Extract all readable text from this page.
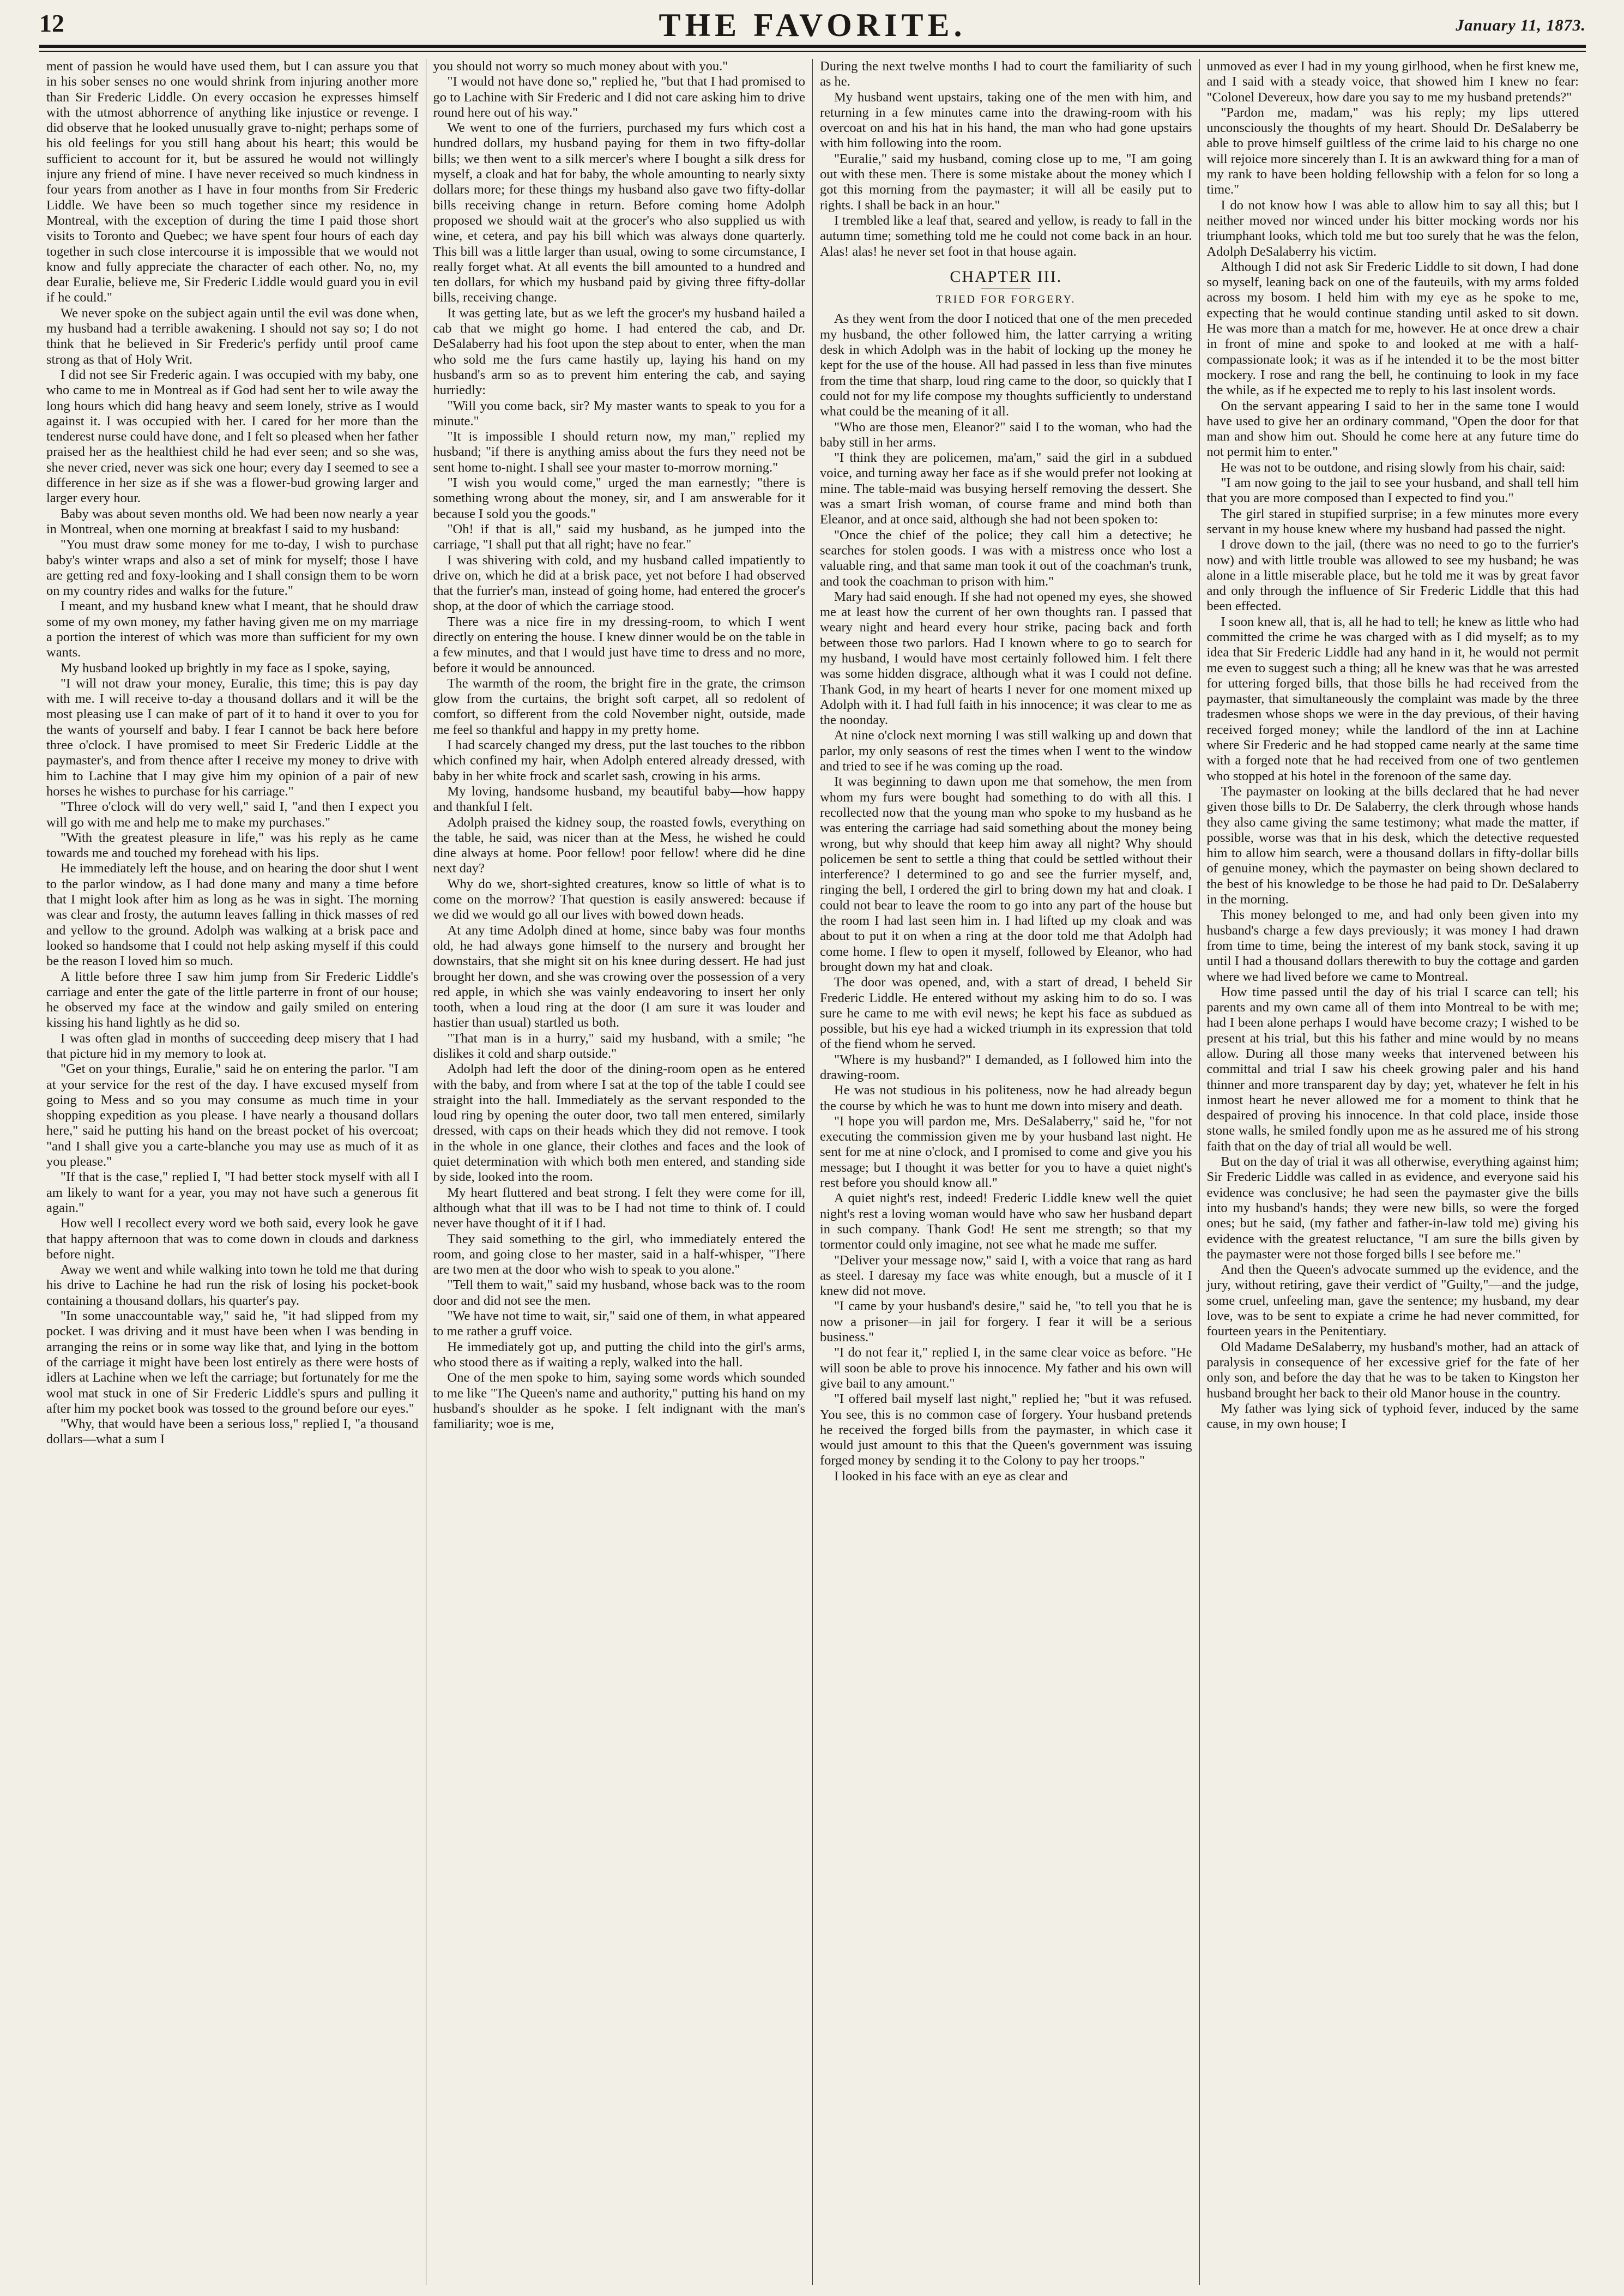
12	THE FAVORITE.	January 11, 1873.

ment of passion he would have used them, but I can assure you that in his sober senses no one would shrink from injuring another more than Sir Frederic Liddle. On every occasion he expresses himself with the utmost abhorrence of anything like injustice or revenge. I did observe that he looked unusually grave to-night; perhaps some of his old feelings for you still hang about his heart; this would be sufficient to account for it, but be assured he would not willingly injure any friend of mine. I have never received so much kindness in four years from another as I have in four months from Sir Frederic Liddle. We have been so much together since my residence in Montreal, with the exception of during the time I paid those short visits to Toronto and Quebec; we have spent four hours of each day together in such close intercourse it is impossible that we would not know and fully appreciate the character of each other. No, no, my dear Euralie, believe me, Sir Frederic Liddle would guard you in evil if he could."

We never spoke on the subject again until the evil was done when, my husband had a terrible awakening. I should not say so; I do not think that he believed in Sir Frederic's perfidy until proof came strong as that of Holy Writ.

I did not see Sir Frederic again. I was occupied with my baby, one who came to me in Montreal as if God had sent her to wile away the long hours which did hang heavy and seem lonely, strive as I would against it. I was occupied with her. I cared for her more than the tenderest nurse could have done, and I felt so pleased when her father praised her as the healthiest child he had ever seen; and so she was, she never cried, never was sick one hour; every day I seemed to see a difference in her size as if she was a flower-bud growing larger and larger every hour.

Baby was about seven months old. We had been now nearly a year in Montreal, when one morning at breakfast I said to my husband:

"You must draw some money for me to-day, I wish to purchase baby's winter wraps and also a set of mink for myself; those I have are getting red and foxy-looking and I shall consign them to be worn on my country rides and walks for the future."

I meant, and my husband knew what I meant, that he should draw some of my own money, my father having given me on my marriage a portion the interest of which was more than sufficient for my own wants.

My husband looked up brightly in my face as I spoke, saying,

"I will not draw your money, Euralie, this time; this is pay day with me. I will receive to-day a thousand dollars and it will be the most pleasing use I can make of part of it to hand it over to you for the wants of yourself and baby. I fear I cannot be back here before three o'clock. I have promised to meet Sir Frederic Liddle at the paymaster's, and from thence after I receive my money to drive with him to Lachine that I may give him my opinion of a pair of new horses he wishes to purchase for his carriage."

"Three o'clock will do very well," said I, "and then I expect you will go with me and help me to make my purchases."

"With the greatest pleasure in life," was his reply as he came towards me and touched my forehead with his lips.

He immediately left the house, and on hearing the door shut I went to the parlor window, as I had done many and many a time before that I might look after him as long as he was in sight. The morning was clear and frosty, the autumn leaves falling in thick masses of red and yellow to the ground. Adolph was walking at a brisk pace and looked so handsome that I could not help asking myself if this could be the reason I loved him so much.

A little before three I saw him jump from Sir Frederic Liddle's carriage and enter the gate of the little parterre in front of our house; he observed my face at the window and gaily smiled on entering kissing his hand lightly as he did so.

I was often glad in months of succeeding deep misery that I had that picture hid in my memory to look at.

"Get on your things, Euralie," said he on entering the parlor. "I am at your service for the rest of the day. I have excused myself from going to Mess and so you may consume as much time in your shopping expedition as you please. I have nearly a thousand dollars here," said he putting his hand on the breast pocket of his overcoat; "and I shall give you a carte-blanche you may use as much of it as you please."

"If that is the case," replied I, "I had better stock myself with all I am likely to want for a year, you may not have such a generous fit again."

How well I recollect every word we both said, every look he gave that happy afternoon that was to come down in clouds and darkness before night.

Away we went and while walking into town he told me that during his drive to Lachine he had run the risk of losing his pocket-book containing a thousand dollars, his quarter's pay.

"In some unaccountable way," said he, "it had slipped from my pocket. I was driving and it must have been when I was bending in arranging the reins or in some way like that, and lying in the bottom of the carriage it might have been lost entirely as there were hosts of idlers at Lachine when we left the carriage; but fortunately for me the wool mat stuck in one of Sir Frederic Liddle's spurs and pulling it after him my pocket book was tossed to the ground before our eyes."

"Why, that would have been a serious loss," replied I, "a thousand dollars—what a sum I

you should not worry so much money about with you."

"I would not have done so," replied he, "but that I had promised to go to Lachine with Sir Frederic and I did not care asking him to drive round here out of his way."

We went to one of the furriers, purchased my furs which cost a hundred dollars, my husband paying for them in two fifty-dollar bills; we then went to a silk mercer's where I bought a silk dress for myself, a cloak and hat for baby, the whole amounting to nearly sixty dollars more; for these things my husband also gave two fifty-dollar bills receiving change in return. Before coming home Adolph proposed we should wait at the grocer's who also supplied us with wine, et cetera, and pay his bill which was always done quarterly. This bill was a little larger than usual, owing to some circumstance, I really forget what. At all events the bill amounted to a hundred and ten dollars, for which my husband paid by giving three fifty-dollar bills, receiving change.

It was getting late, but as we left the grocer's my husband hailed a cab that we might go home. I had entered the cab, and Dr. DeSalaberry had his foot upon the step about to enter, when the man who sold me the furs came hastily up, laying his hand on my husband's arm so as to prevent him entering the cab, and saying hurriedly:

"Will you come back, sir? My master wants to speak to you for a minute."

"It is impossible I should return now, my man," replied my husband; "if there is anything amiss about the furs they need not be sent home to-night. I shall see your master to-morrow morning."

"I wish you would come," urged the man earnestly; "there is something wrong about the money, sir, and I am answerable for it because I sold you the goods."

"Oh! if that is all," said my husband, as he jumped into the carriage, "I shall put that all right; have no fear."

I was shivering with cold, and my husband called impatiently to drive on, which he did at a brisk pace, yet not before I had observed that the furrier's man, instead of going home, had entered the grocer's shop, at the door of which the carriage stood.

There was a nice fire in my dressing-room, to which I went directly on entering the house. I knew dinner would be on the table in a few minutes, and that I would just have time to dress and no more, before it would be announced.

The warmth of the room, the bright fire in the grate, the crimson glow from the curtains, the bright soft carpet, all so redolent of comfort, so different from the cold November night, outside, made me feel so thankful and happy in my pretty home.

I had scarcely changed my dress, put the last touches to the ribbon which confined my hair, when Adolph entered already dressed, with baby in her white frock and scarlet sash, crowing in his arms.

My loving, handsome husband, my beautiful baby—how happy and thankful I felt.

Adolph praised the kidney soup, the roasted fowls, everything on the table, he said, was nicer than at the Mess, he wished he could dine always at home. Poor fellow! poor fellow! where did he dine next day?

Why do we, short-sighted creatures, know so little of what is to come on the morrow? That question is easily answered: because if we did we would go all our lives with bowed down heads.

At any time Adolph dined at home, since baby was four months old, he had always gone himself to the nursery and brought her downstairs, that she might sit on his knee during dessert. He had just brought her down, and she was crowing over the possession of a very red apple, in which she was vainly endeavoring to insert her only tooth, when a loud ring at the door (I am sure it was louder and hastier than usual) startled us both.

"That man is in a hurry," said my husband, with a smile; "he dislikes it cold and sharp outside."

Adolph had left the door of the dining-room open as he entered with the baby, and from where I sat at the top of the table I could see straight into the hall. Immediately as the servant responded to the loud ring by opening the outer door, two tall men entered, similarly dressed, with caps on their heads which they did not remove. I took in the whole in one glance, their clothes and faces and the look of quiet determination with which both men entered, and standing side by side, looked into the room.

My heart fluttered and beat strong. I felt they were come for ill, although what that ill was to be I had not time to think of. I could never have thought of it if I had.

They said something to the girl, who immediately entered the room, and going close to her master, said in a half-whisper, "There are two men at the door who wish to speak to you alone."

"Tell them to wait," said my husband, whose back was to the room door and did not see the men.

"We have not time to wait, sir," said one of them, in what appeared to me rather a gruff voice.

He immediately got up, and putting the child into the girl's arms, who stood there as if waiting a reply, walked into the hall.

One of the men spoke to him, saying some words which sounded to me like "The Queen's name and authority," putting his hand on my husband's shoulder as he spoke. I felt indignant with the man's familiarity; woe is me,

During the next twelve months I had to court the familiarity of such as he.

My husband went upstairs, taking one of the men with him, and returning in a few minutes came into the drawing-room with his overcoat on and his hat in his hand, the man who had gone upstairs with him following into the room.

"Euralie," said my husband, coming close up to me, "I am going out with these men. There is some mistake about the money which I got this morning from the paymaster; it will all be easily put to rights. I shall be back in an hour."

I trembled like a leaf that, seared and yellow, is ready to fall in the autumn time; something told me he could not come back in an hour. Alas! alas! he never set foot in that house again.

CHAPTER III.

TRIED FOR FORGERY.

As they went from the door I noticed that one of the men preceded my husband, the other followed him, the latter carrying a writing desk in which Adolph was in the habit of locking up the money he kept for the use of the house. All had passed in less than five minutes from the time that sharp, loud ring came to the door, so quickly that I could not for my life compose my thoughts sufficiently to understand what could be the meaning of it all.

"Who are those men, Eleanor?" said I to the woman, who had the baby still in her arms.

"I think they are policemen, ma'am," said the girl in a subdued voice, and turning away her face as if she would prefer not looking at mine. The table-maid was busying herself removing the dessert. She was a smart Irish woman, of course frame and mind both than Eleanor, and at once said, although she had not been spoken to:

"Once the chief of the police; they call him a detective; he searches for stolen goods. I was with a mistress once who lost a valuable ring, and that same man took it out of the coachman's trunk, and took the coachman to prison with him."

Mary had said enough. If she had not opened my eyes, she showed me at least how the current of her own thoughts ran. I passed that weary night and heard every hour strike, pacing back and forth between those two parlors. Had I known where to go to search for my husband, I would have most certainly followed him. I felt there was some hidden disgrace, although what it was I could not define. Thank God, in my heart of hearts I never for one moment mixed up Adolph with it. I had full faith in his innocence; it was clear to me as the noonday.

At nine o'clock next morning I was still walking up and down that parlor, my only seasons of rest the times when I went to the window and tried to see if he was coming up the road.

It was beginning to dawn upon me that somehow, the men from whom my furs were bought had something to do with all this. I recollected now that the young man who spoke to my husband as he was entering the carriage had said something about the money being wrong, but why should that keep him away all night? Why should policemen be sent to settle a thing that could be settled without their interference? I determined to go and see the furrier myself, and, ringing the bell, I ordered the girl to bring down my hat and cloak. I could not bear to leave the room to go into any part of the house but the room I had last seen him in. I had lifted up my cloak and was about to put it on when a ring at the door told me that Adolph had come home. I flew to open it myself, followed by Eleanor, who had brought down my hat and cloak.

The door was opened, and, with a start of dread, I beheld Sir Frederic Liddle. He entered without my asking him to do so. I was sure he came to me with evil news; he kept his face as subdued as possible, but his eye had a wicked triumph in its expression that told of the fiend whom he served.

"Where is my husband?" I demanded, as I followed him into the drawing-room.

He was not studious in his politeness, now he had already begun the course by which he was to hunt me down into misery and death.

"I hope you will pardon me, Mrs. DeSalaberry," said he, "for not executing the commission given me by your husband last night. He sent for me at nine o'clock, and I promised to come and give you his message; but I thought it was better for you to have a quiet night's rest before you should know all."

A quiet night's rest, indeed! Frederic Liddle knew well the quiet night's rest a loving woman would have who saw her husband depart in such company. Thank God! He sent me strength; so that my tormentor could only imagine, not see what he made me suffer.

"Deliver your message now," said I, with a voice that rang as hard as steel. I daresay my face was white enough, but a muscle of it I knew did not move.

"I came by your husband's desire," said he, "to tell you that he is now a prisoner—in jail for forgery. I fear it will be a serious business."

"I do not fear it," replied I, in the same clear voice as before. "He will soon be able to prove his innocence. My father and his own will give bail to any amount."

"I offered bail myself last night," replied he; "but it was refused. You see, this is no common case of forgery. Your husband pretends he received the forged bills from the paymaster, in which case it would just amount to this that the Queen's government was issuing forged money by sending it to the Colony to pay her troops."

I looked in his face with an eye as clear and

unmoved as ever I had in my young girlhood, when he first knew me, and I said with a steady voice, that showed him I knew no fear: "Colonel Devereux, how dare you say to me my husband pretends?"

"Pardon me, madam," was his reply; my lips uttered unconsciously the thoughts of my heart. Should Dr. DeSalaberry be able to prove himself guiltless of the crime laid to his charge no one will rejoice more sincerely than I. It is an awkward thing for a man of my rank to have been holding fellowship with a felon for so long a time."

I do not know how I was able to allow him to say all this; but I neither moved nor winced under his bitter mocking words nor his triumphant looks, which told me but too surely that he was the felon, Adolph DeSalaberry his victim.

Although I did not ask Sir Frederic Liddle to sit down, I had done so myself, leaning back on one of the fauteuils, with my arms folded across my bosom. I held him with my eye as he spoke to me, expecting that he would continue standing until asked to sit down. He was more than a match for me, however. He at once drew a chair in front of mine and spoke to and looked at me with a half-compassionate look; it was as if he intended it to be the most bitter mockery. I rose and rang the bell, he continuing to look in my face the while, as if he expected me to reply to his last insolent words.

On the servant appearing I said to her in the same tone I would have used to give her an ordinary command, "Open the door for that man and show him out. Should he come here at any future time do not permit him to enter."

He was not to be outdone, and rising slowly from his chair, said:

"I am now going to the jail to see your husband, and shall tell him that you are more composed than I expected to find you."

The girl stared in stupified surprise; in a few minutes more every servant in my house knew where my husband had passed the night.

I drove down to the jail, (there was no need to go to the furrier's now) and with little trouble was allowed to see my husband; he was alone in a little miserable place, but he told me it was by great favor and only through the influence of Sir Frederic Liddle that this had been effected.

I soon knew all, that is, all he had to tell; he knew as little who had committed the crime he was charged with as I did myself; as to my idea that Sir Frederic Liddle had any hand in it, he would not permit me even to suggest such a thing; all he knew was that he was arrested for uttering forged bills, that those bills he had received from the paymaster, that simultaneously the complaint was made by the three tradesmen whose shops we were in the day previous, of their having received forged money; while the landlord of the inn at Lachine where Sir Frederic and he had stopped came nearly at the same time with a forged note that he had received from one of two gentlemen who stopped at his hotel in the forenoon of the same day.

The paymaster on looking at the bills declared that he had never given those bills to Dr. De Salaberry, the clerk through whose hands they also came giving the same testimony; what made the matter, if possible, worse was that in his desk, which the detective requested him to allow him search, were a thousand dollars in fifty-dollar bills of genuine money, which the paymaster on being shown declared to the best of his knowledge to be those he had paid to Dr. DeSalaberry in the morning.

This money belonged to me, and had only been given into my husband's charge a few days previously; it was money I had drawn from time to time, being the interest of my bank stock, saving it up until I had a thousand dollars therewith to buy the cottage and garden where we had lived before we came to Montreal.

How time passed until the day of his trial I scarce can tell; his parents and my own came all of them into Montreal to be with me; had I been alone perhaps I would have become crazy; I wished to be present at his trial, but this his father and mine would by no means allow. During all those many weeks that intervened between his committal and trial I saw his cheek growing paler and his hand thinner and more transparent day by day; yet, whatever he felt in his inmost heart he never allowed me for a moment to think that he despaired of proving his innocence. In that cold place, inside those stone walls, he smiled fondly upon me as he assured me of his strong faith that on the day of trial all would be well.

But on the day of trial it was all otherwise, everything against him; Sir Frederic Liddle was called in as evidence, and everyone said his evidence was conclusive; he had seen the paymaster give the bills into my husband's hands; they were new bills, so were the forged ones; but he said, (my father and father-in-law told me) giving his evidence with the greatest reluctance, "I am sure the bills given by the paymaster were not those forged bills I see before me."

And then the Queen's advocate summed up the evidence, and the jury, without retiring, gave their verdict of "Guilty,"—and the judge, some cruel, unfeeling man, gave the sentence; my husband, my dear love, was to be sent to expiate a crime he had never committed, for fourteen years in the Penitentiary.

Old Madame DeSalaberry, my husband's mother, had an attack of paralysis in consequence of her excessive grief for the fate of her only son, and before the day that he was to be taken to Kingston her husband brought her back to their old Manor house in the country.

My father was lying sick of typhoid fever, induced by the same cause, in my own house; I
